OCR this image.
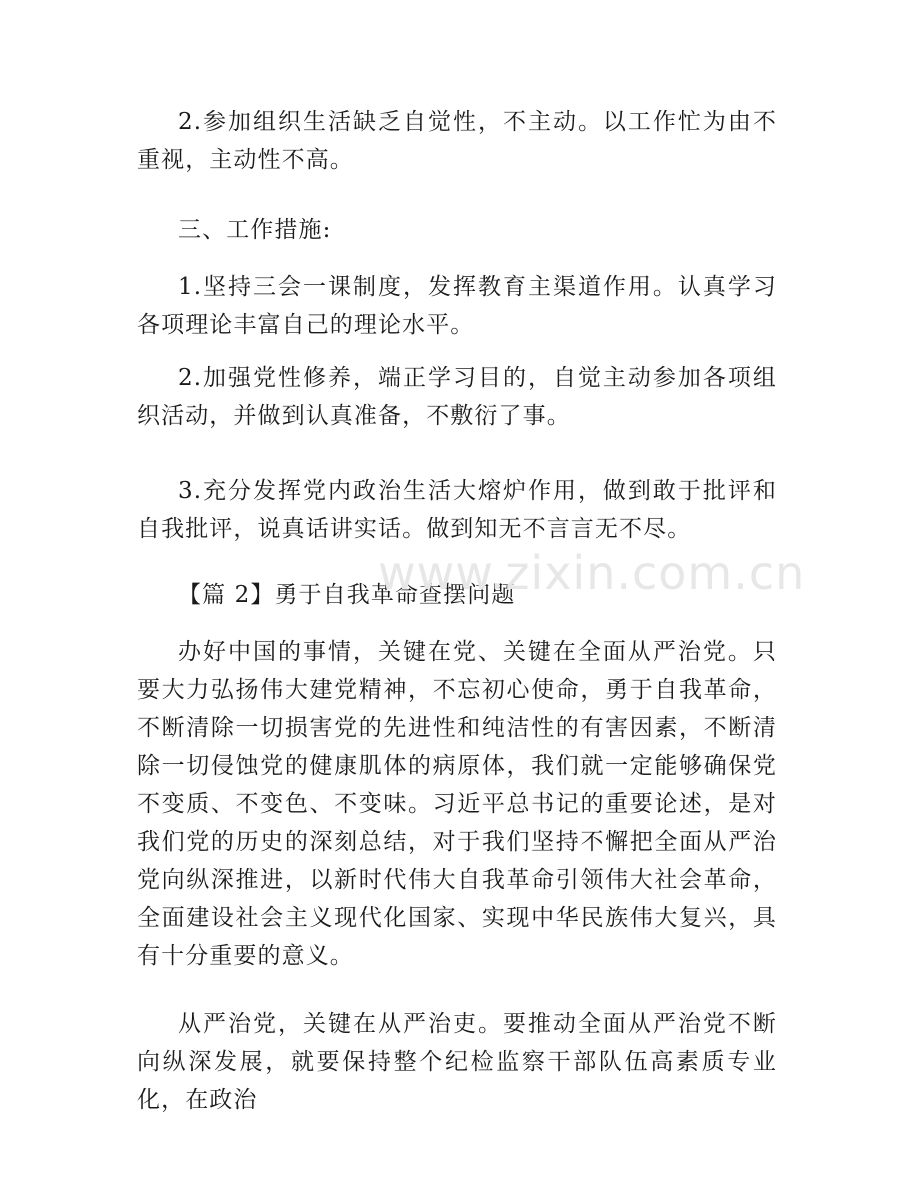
2.参加组织生活缺乏自觉性，不主动。以工作忙为由不重视，主动性不高。

三、工作措施:

1.坚持三会一课制度，发挥教育主渠道作用。认真学习各项理论丰富自己的理论水平。

2.加强党性修养，端正学习目的，自觉主动参加各项组织活动，并做到认真准备，不敷衍了事。

3.充分发挥党内政治生活大熔炉作用，做到敢于批评和自我批评，说真话讲实话。做到知无不言言无不尽。

【篇 2】勇于自我革命查摆问题

办好中国的事情，关键在党、关键在全面从严治党。只要大力弘扬伟大建党精神，不忘初心使命，勇于自我革命，不断清除一切损害党的先进性和纯洁性的有害因素，不断清除一切侵蚀党的健康肌体的病原体，我们就一定能够确保党不变质、不变色、不变味。习近平总书记的重要论述，是对我们党的历史的深刻总结，对于我们坚持不懈把全面从严治党向纵深推进，以新时代伟大自我革命引领伟大社会革命，全面建设社会主义现代化国家、实现中华民族伟大复兴，具有十分重要的意义。

从严治党，关键在从严治吏。要推动全面从严治党不断向纵深发展，就要保持整个纪检监察干部队伍高素质专业化，在政治

www.zixin.com.cn
